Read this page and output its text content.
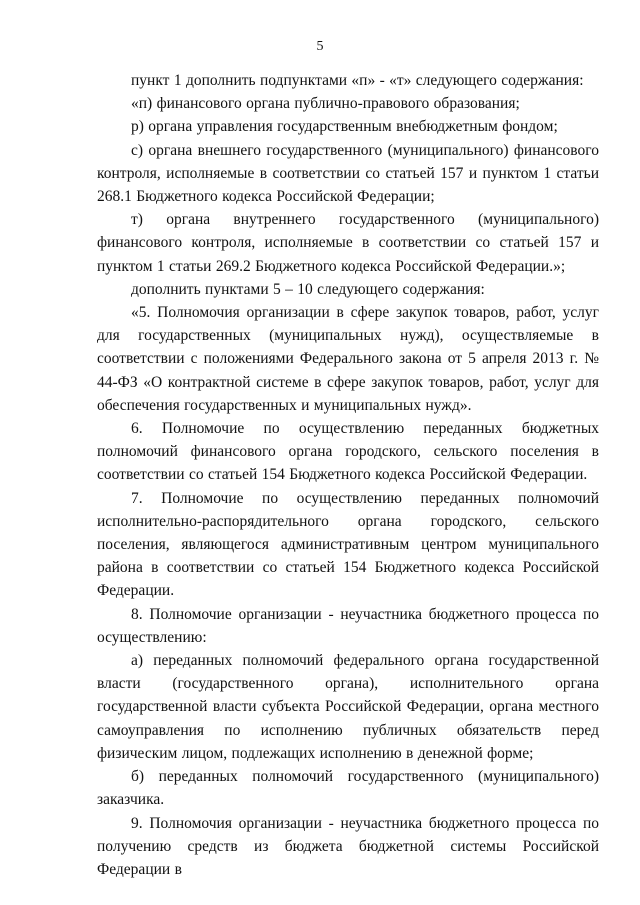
5

пункт 1 дополнить подпунктами «п» - «т» следующего содержания:

«п) финансового органа публично-правового образования;

р) органа управления государственным внебюджетным фондом;

с) органа внешнего государственного (муниципального) финансового контроля, исполняемые в соответствии со статьей 157 и пунктом 1 статьи 268.1 Бюджетного кодекса Российской Федерации;

т) органа внутреннего государственного (муниципального) финансового контроля, исполняемые в соответствии со статьей 157 и пунктом 1 статьи 269.2 Бюджетного кодекса Российской Федерации.»;

дополнить пунктами 5 – 10 следующего содержания:

«5. Полномочия организации в сфере закупок товаров, работ, услуг для государственных (муниципальных нужд), осуществляемые в соответствии с положениями Федерального закона от 5 апреля 2013 г. № 44-ФЗ «О контрактной системе в сфере закупок товаров, работ, услуг для обеспечения государственных и муниципальных нужд».

6. Полномочие по осуществлению переданных бюджетных полномочий финансового органа городского, сельского поселения в соответствии со статьей 154 Бюджетного кодекса Российской Федерации.

7. Полномочие по осуществлению переданных полномочий исполнительно-распорядительного органа городского, сельского поселения, являющегося административным центром муниципального района в соответствии со статьей 154 Бюджетного кодекса Российской Федерации.

8. Полномочие организации - неучастника бюджетного процесса по осуществлению:

а) переданных полномочий федерального органа государственной власти (государственного органа), исполнительного органа государственной власти субъекта Российской Федерации, органа местного самоуправления по исполнению публичных обязательств перед физическим лицом, подлежащих исполнению в денежной форме;

б) переданных полномочий государственного (муниципального) заказчика.

9. Полномочия организации - неучастника бюджетного процесса по получению средств из бюджета бюджетной системы Российской Федерации в
